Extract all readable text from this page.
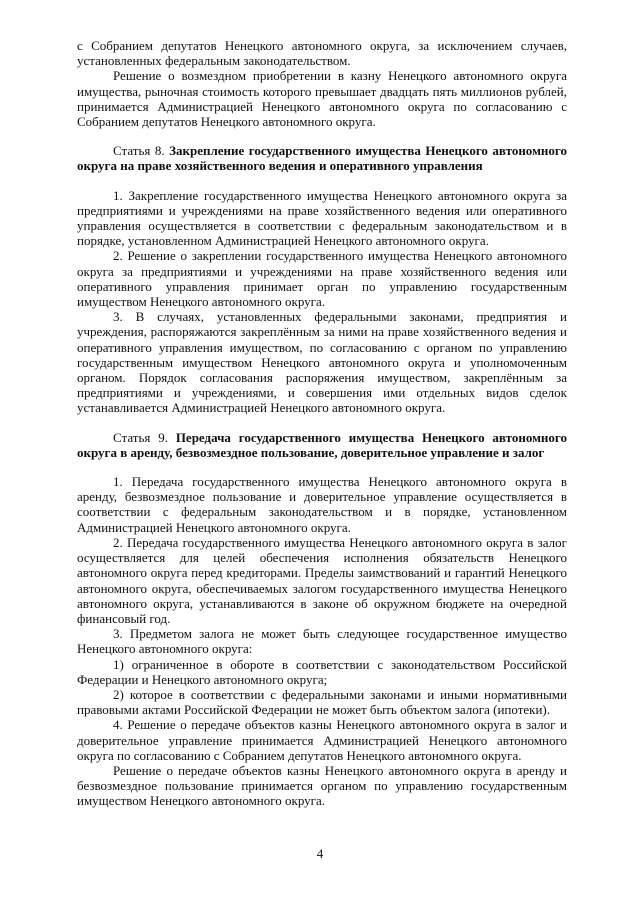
с Собранием депутатов Ненецкого автономного округа, за исключением случаев, установленных федеральным законодательством.

Решение о возмездном приобретении в казну Ненецкого автономного округа имущества, рыночная стоимость которого превышает двадцать пять миллионов рублей, принимается Администрацией Ненецкого автономного округа по согласованию с Собранием депутатов Ненецкого автономного округа.

Статья 8. Закрепление государственного имущества Ненецкого автономного округа на праве хозяйственного ведения и оперативного управления

1. Закрепление государственного имущества Ненецкого автономного округа за предприятиями и учреждениями на праве хозяйственного ведения или оперативного управления осуществляется в соответствии с федеральным законодательством и в порядке, установленном Администрацией Ненецкого автономного округа.

2. Решение о закреплении государственного имущества Ненецкого автономного округа за предприятиями и учреждениями на праве хозяйственного ведения или оперативного управления принимает орган по управлению государственным имуществом Ненецкого автономного округа.

3. В случаях, установленных федеральными законами, предприятия и учреждения, распоряжаются закреплённым за ними на праве хозяйственного ведения и оперативного управления имуществом, по согласованию с органом по управлению государственным имуществом Ненецкого автономного округа и уполномоченным органом. Порядок согласования распоряжения имуществом, закреплённым за предприятиями и учреждениями, и совершения ими отдельных видов сделок устанавливается Администрацией Ненецкого автономного округа.

Статья 9. Передача государственного имущества Ненецкого автономного округа в аренду, безвозмездное пользование, доверительное управление и залог

1. Передача государственного имущества Ненецкого автономного округа в аренду, безвозмездное пользование и доверительное управление осуществляется в соответствии с федеральным законодательством и в порядке, установленном Администрацией Ненецкого автономного округа.

2. Передача государственного имущества Ненецкого автономного округа в залог осуществляется для целей обеспечения исполнения обязательств Ненецкого автономного округа перед кредиторами. Пределы заимствований и гарантий Ненецкого автономного округа, обеспечиваемых залогом государственного имущества Ненецкого автономного округа, устанавливаются в законе об окружном бюджете на очередной финансовый год.

3. Предметом залога не может быть следующее государственное имущество Ненецкого автономного округа:

1) ограниченное в обороте в соответствии с законодательством Российской Федерации и Ненецкого автономного округа;

2) которое в соответствии с федеральными законами и иными нормативными правовыми актами Российской Федерации не может быть объектом залога (ипотеки).

4. Решение о передаче объектов казны Ненецкого автономного округа в залог и доверительное управление принимается Администрацией Ненецкого автономного округа по согласованию с Собранием депутатов Ненецкого автономного округа.

Решение о передаче объектов казны Ненецкого автономного округа в аренду и безвозмездное пользование принимается органом по управлению государственным имуществом Ненецкого автономного округа.

4
